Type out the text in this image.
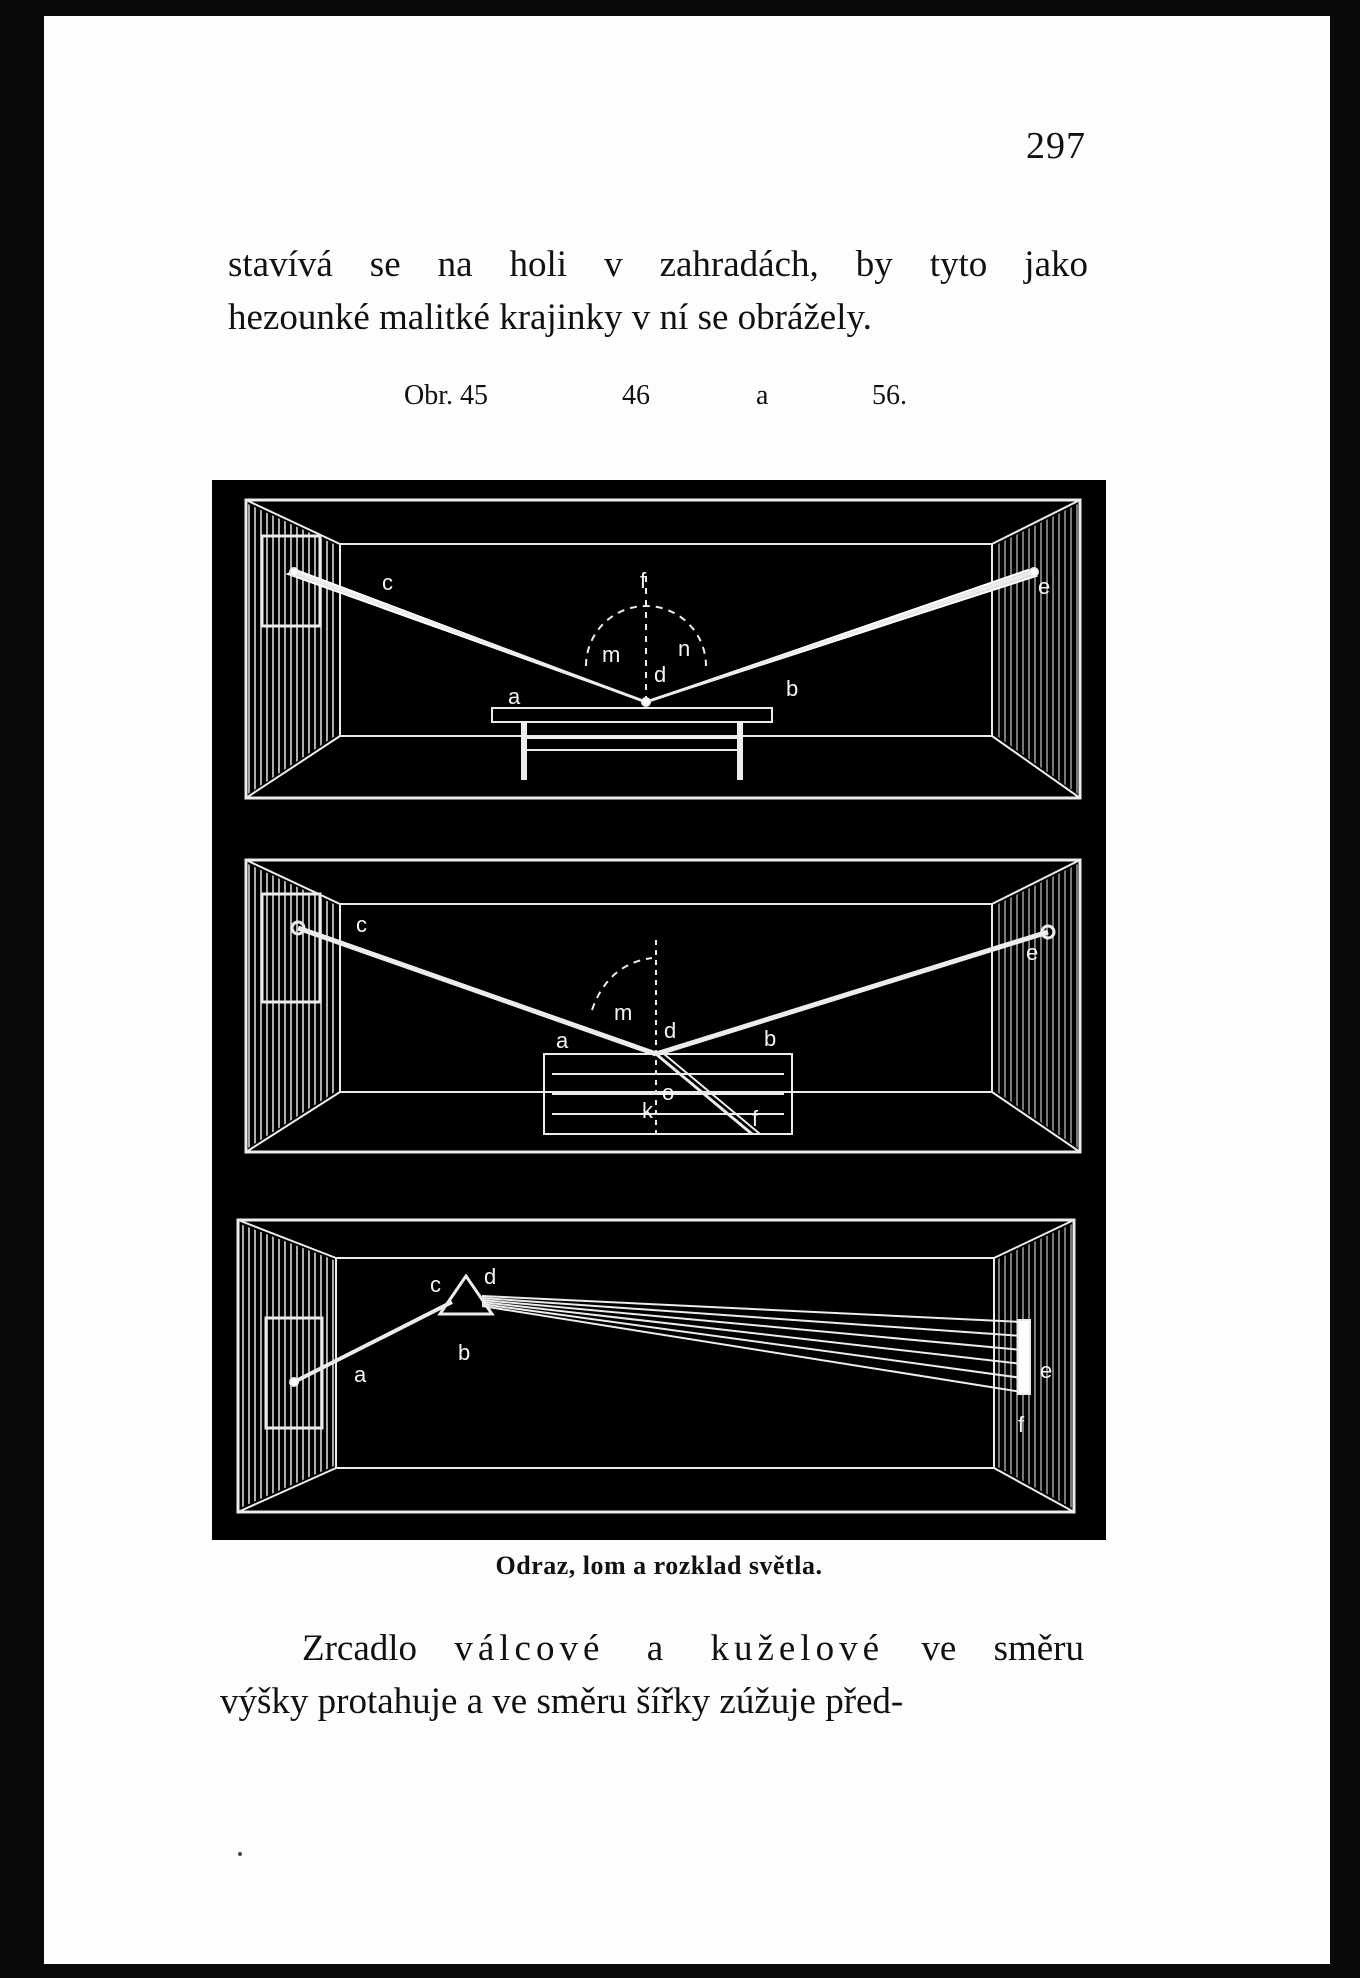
297

stavívá se na holi v zahradách, by tyto jako
hezounké malitké krajinky v ní se obrážely.

Obr. 45	46	a	56.
a	b
c
d
e
f
m	n
a	b
c
d
e
f
m
o
k
a
b
c d
e
f
Odraz, lom a rozklad světla.

Zrcadlo válcové a kuželové ve směru
výšky protahuje a ve směru šířky zúžuje před-
